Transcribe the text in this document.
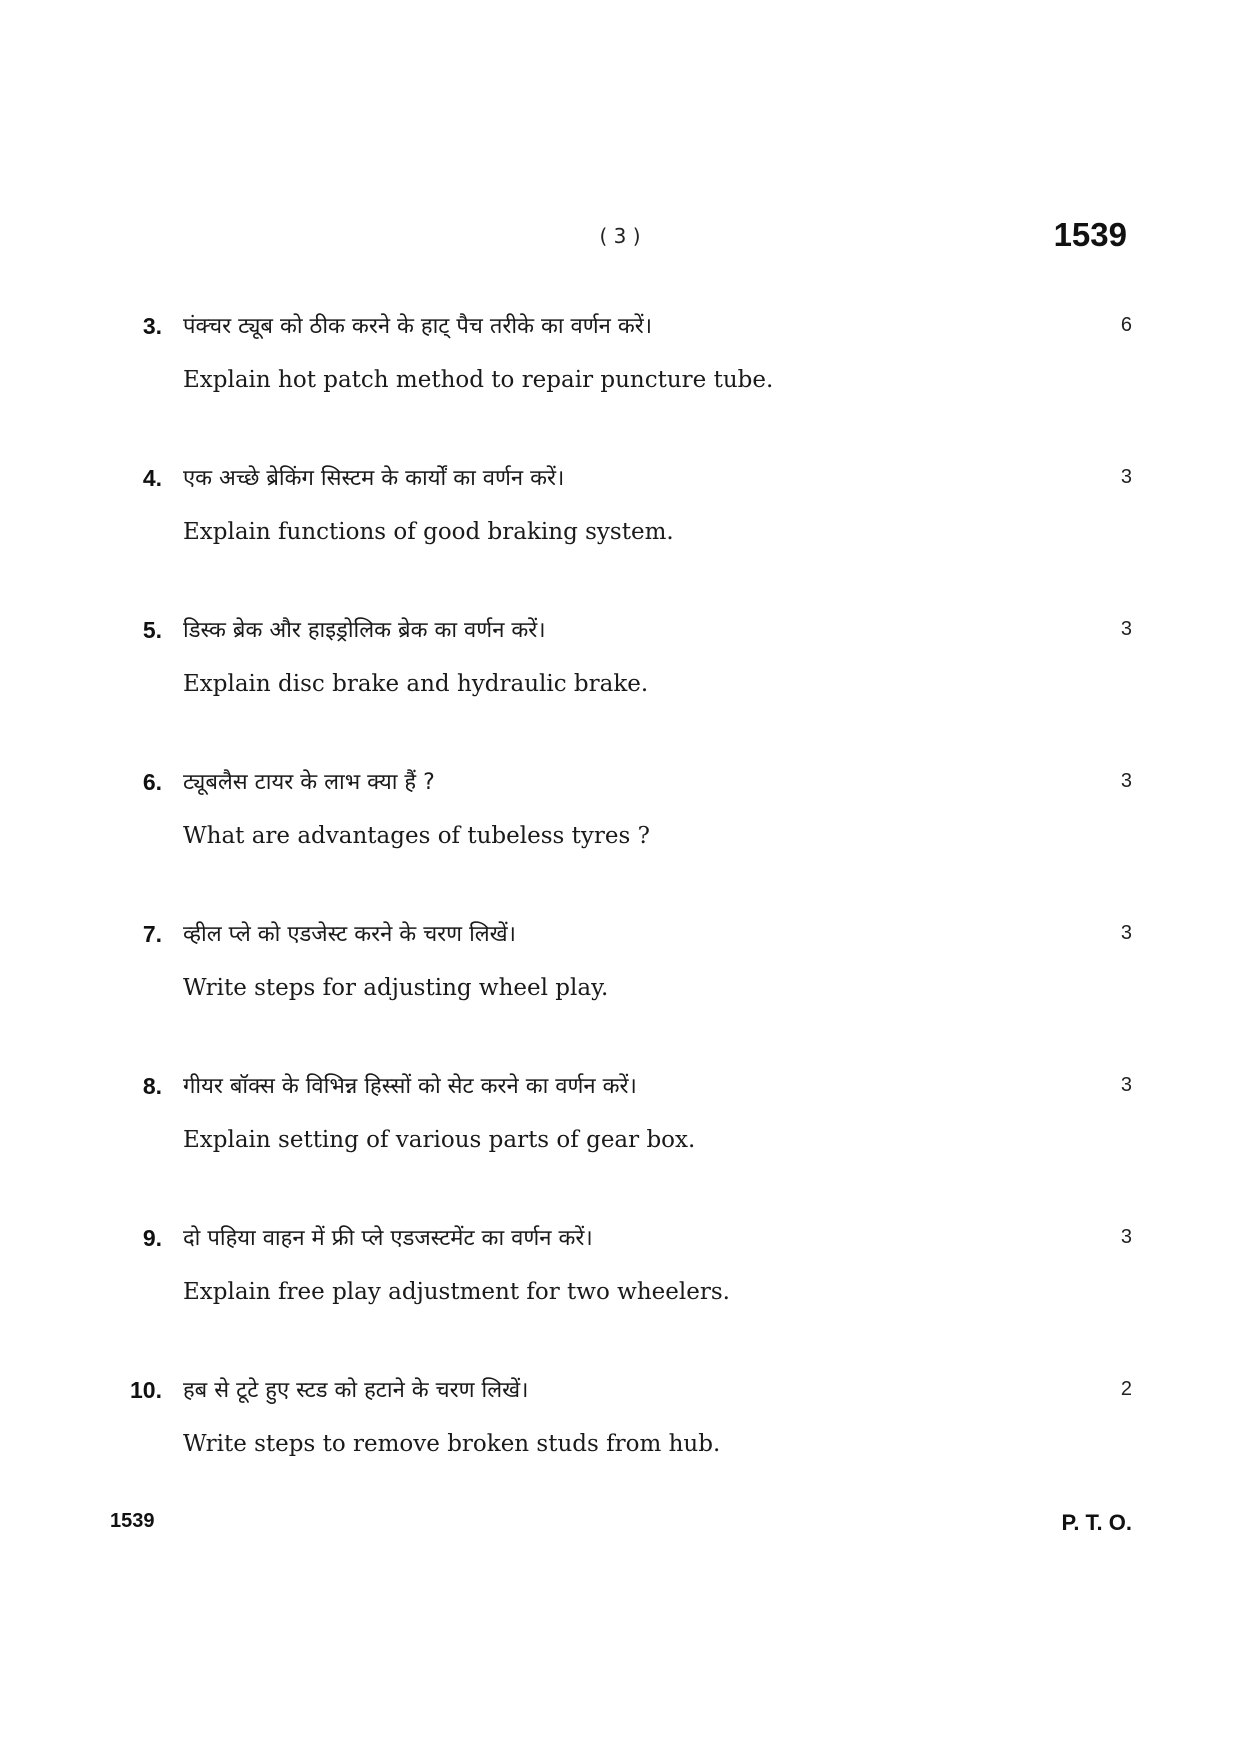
( 3 )	1539
3. पंक्चर ट्यूब को ठीक करने के हाट् पैच तरीके का वर्णन करें।
Explain hot patch method to repair puncture tube.
6
4. एक अच्छे ब्रेकिंग सिस्टम के कार्यों का वर्णन करें।
Explain functions of good braking system.
3
5. डिस्क ब्रेक और हाइड्रोलिक ब्रेक का वर्णन करें।
Explain disc brake and hydraulic brake.
3
6. ट्यूबलैस टायर के लाभ क्या हैं ?
What are advantages of tubeless tyres ?
3
7. व्हील प्ले को एडजेस्ट करने के चरण लिखें।
Write steps for adjusting wheel play.
3
8. गीयर बॉक्स के विभिन्न हिस्सों को सेट करने का वर्णन करें।
Explain setting of various parts of gear box.
3
9. दो पहिया वाहन में फ्री प्ले एडजस्टमेंट का वर्णन करें।
Explain free play adjustment for two wheelers.
3
10. हब से टूटे हुए स्टड को हटाने के चरण लिखें।
Write steps to remove broken studs from hub.
2
1539	P. T. O.
